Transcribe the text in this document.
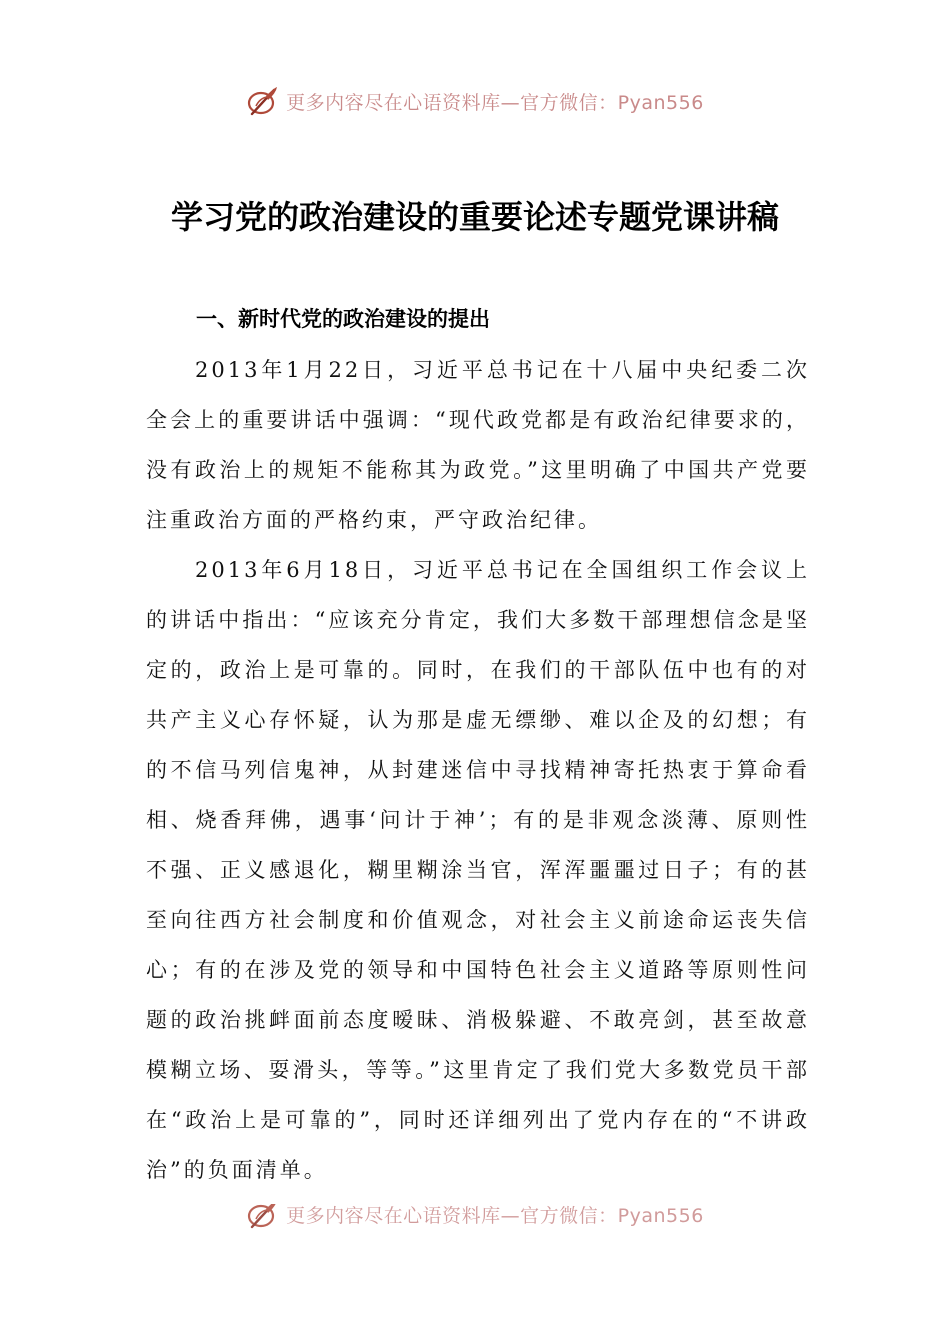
更多内容尽在心语资料库—官方微信：Pyan556
学习党的政治建设的重要论述专题党课讲稿
一、新时代党的政治建设的提出

2013年1月22日，习近平总书记在十八届中央纪委二次全会上的重要讲话中强调：“现代政党都是有政治纪律要求的，没有政治上的规矩不能称其为政党。”这里明确了中国共产党要注重政治方面的严格约束，严守政治纪律。

2013年6月18日，习近平总书记在全国组织工作会议上的讲话中指出：“应该充分肯定，我们大多数干部理想信念是坚定的，政治上是可靠的。同时，在我们的干部队伍中也有的对共产主义心存怀疑，认为那是虚无缥缈、难以企及的幻想；有的不信马列信鬼神，从封建迷信中寻找精神寄托热衷于算命看相、烧香拜佛，遇事‘问计于神’；有的是非观念淡薄、原则性不强、正义感退化，糊里糊涂当官，浑浑噩噩过日子；有的甚至向往西方社会制度和价值观念，对社会主义前途命运丧失信心；有的在涉及党的领导和中国特色社会主义道路等原则性问题的政治挑衅面前态度暧昧、消极躲避、不敢亮剑，甚至故意模糊立场、耍滑头，等等。”这里肯定了我们党大多数党员干部在“政治上是可靠的”，同时还详细列出了党内存在的“不讲政治”的负面清单。

更多内容尽在心语资料库—官方微信：Pyan556
